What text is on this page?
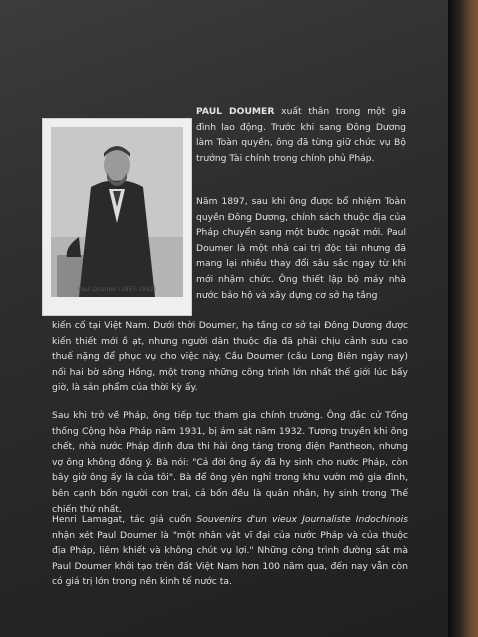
Paul Doumer (1857-1932)
PAUL DOUMER xuất thân trong một gia đình lao động. Trước khi sang Đông Dương làm Toàn quyền, ông đã từng giữ chức vụ Bộ trưởng Tài chính trong chính phủ Pháp.

Năm 1897, sau khi ông được bổ nhiệm Toàn quyền Đông Dương, chính sách thuộc địa của Pháp chuyển sang một bước ngoặt mới. Paul Doumer là một nhà cai trị độc tài nhưng đã mang lại nhiều thay đổi sâu sắc ngay từ khi mới nhậm chức. Ông thiết lập bộ máy nhà nước bảo hộ và xây dựng cơ sở hạ tầng

kiến cố tại Việt Nam. Dưới thời Doumer, hạ tầng cơ sở tại Đông Dương được kiến thiết mới ồ ạt, nhưng người dân thuộc địa đã phải chịu cảnh sưu cao thuế nặng để phục vụ cho việc này. Cầu Doumer (cầu Long Biên ngày nay) nối hai bờ sông Hồng, một trong những công trình lớn nhất thế giới lúc bấy giờ, là sản phẩm của thời kỳ ấy.

Sau khi trở về Pháp, ông tiếp tục tham gia chính trường. Ông đắc cử Tổng thống Cộng hòa Pháp năm 1931, bị ám sát năm 1932. Tương truyền khi ông chết, nhà nước Pháp định đưa thi hài ông táng trong điện Pantheon, nhưng vợ ông không đồng ý. Bà nói: "Cả đời ông ấy đã hy sinh cho nước Pháp, còn bây giờ ông ấy là của tôi". Bà để ông yên nghỉ trong khu vườn mộ gia đình, bên cạnh bốn người con trai, cả bốn đều là quân nhân, hy sinh trong Thế chiến thứ nhất.

Henri Lamagat, tác giả cuốn Souvenirs d'un vieux Journaliste Indochinois nhận xét Paul Doumer là "một nhân vật vĩ đại của nước Pháp và của thuộc địa Pháp, liêm khiết và không chút vụ lợi." Những công trình đường sắt mà Paul Doumer khởi tạo trên đất Việt Nam hơn 100 năm qua, đến nay vẫn còn có giá trị lớn trong nền kinh tế nước ta.
